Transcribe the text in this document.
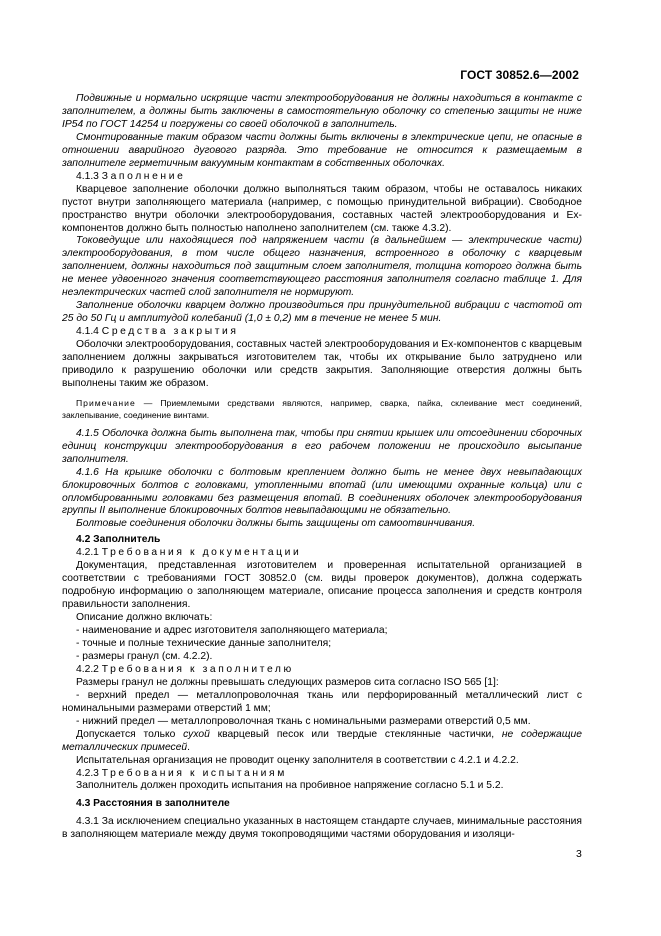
ГОСТ 30852.6—2002

Подвижные и нормально искрящие части электрооборудования не должны находиться в контакте с заполнителем, а должны быть заключены в самостоятельную оболочку со степенью защиты не ниже IP54 по ГОСТ 14254 и погружены со своей оболочкой в заполнитель.

Смонтированные таким образом части должны быть включены в электрические цепи, не опасные в отношении аварийного дугового разряда. Это требование не относится к размещаемым в заполнителе герметичным вакуумным контактам в собственных оболочках.

4.1.3 Заполнение

Кварцевое заполнение оболочки должно выполняться таким образом, чтобы не оставалось никаких пустот внутри заполняющего материала (например, с помощью принудительной вибрации). Свободное пространство внутри оболочки электрооборудования, составных частей электрооборудования и Ex-компонентов должно быть полностью наполнено заполнителем (см. также 4.3.2).

Токоведущие или находящиеся под напряжением части (в дальнейшем — электрические части) электрооборудования, в том числе общего назначения, встроенного в оболочку с кварцевым заполнением, должны находиться под защитным слоем заполнителя, толщина которого должна быть не менее удвоенного значения соответствующего расстояния заполнителя согласно таблице 1. Для неэлектрических частей слой заполнителя не нормируют.

Заполнение оболочки кварцем должно производиться при принудительной вибрации с частотой от 25 до 50 Гц и амплитудой колебаний (1,0 ± 0,2) мм в течение не менее 5 мин.

4.1.4 Средства закрытия

Оболочки электрооборудования, составных частей электрооборудования и Ex-компонентов с кварцевым заполнением должны закрываться изготовителем так, чтобы их открывание было затруднено или приводило к разрушению оболочки или средств закрытия. Заполняющие отверстия должны быть выполнены таким же образом.

Примечание — Приемлемыми средствами являются, например, сварка, пайка, склеивание мест соединений, заклепывание, соединение винтами.

4.1.5 Оболочка должна быть выполнена так, чтобы при снятии крышек или отсоединении сборочных единиц конструкции электрооборудования в его рабочем положении не происходило высыпание заполнителя.

4.1.6 На крышке оболочки с болтовым креплением должно быть не менее двух невыпадающих блокировочных болтов с головками, утопленными впотай (или имеющими охранные кольца) или с опломбированными головками без размещения впотай. В соединениях оболочек электрооборудования группы II выполнение блокировочных болтов невыпадающими не обязательно.

Болтовые соединения оболочки должны быть защищены от самоотвинчивания.

4.2 Заполнитель

4.2.1 Требования к документации

Документация, представленная изготовителем и проверенная испытательной организацией в соответствии с требованиями ГОСТ 30852.0 (см. виды проверок документов), должна содержать подробную информацию о заполняющем материале, описание процесса заполнения и средств контроля правильности заполнения.

Описание должно включать:

- наименование и адрес изготовителя заполняющего материала;

- точные и полные технические данные заполнителя;

- размеры гранул (см. 4.2.2).

4.2.2 Требования к заполнителю

Размеры гранул не должны превышать следующих размеров сита согласно ISO 565 [1]:

- верхний предел — металлопроволочная ткань или перфорированный металлический лист с номинальными размерами отверстий 1 мм;

- нижний предел — металлопроволочная ткань с номинальными размерами отверстий 0,5 мм.

Допускается только сухой кварцевый песок или твердые стеклянные частички, не содержащие металлических примесей.

Испытательная организация не проводит оценку заполнителя в соответствии с 4.2.1 и 4.2.2.

4.2.3 Требования к испытаниям

Заполнитель должен проходить испытания на пробивное напряжение согласно 5.1 и 5.2.

4.3 Расстояния в заполнителе

4.3.1 За исключением специально указанных в настоящем стандарте случаев, минимальные расстояния в заполняющем материале между двумя токопроводящими частями оборудования и изоляци-

3
